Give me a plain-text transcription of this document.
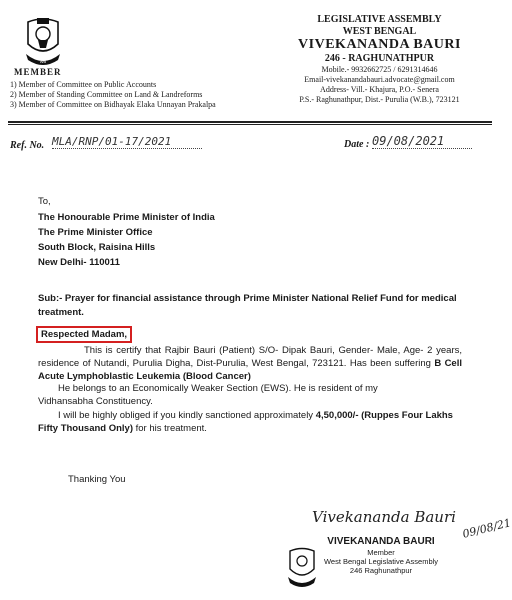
WB
MEMBER
1) Member of Committee on Public Accounts
2) Member of Standing Committee on Land & Landreforms
3) Member of Committee on Bidhayak Elaka Unnayan Prakalpa
LEGISLATIVE ASSEMBLY
WEST BENGAL
VIVEKANANDA BAURI
246 - RAGHUNATHPUR
Mobile.- 9932662725 / 6291314646
Email-vivekanandabauri.advocate@gmail.com
Address- Vill.- Khajura, P.O.- Senera
P.S.- Raghunathpur, Dist.- Purulia (W.B.), 723121
Ref. No. MLA/RNP/01-17/2021	Date : 09/08/2021
To,
The Honourable Prime Minister of India
The Prime Minister Office
South Block, Raisina Hills
New Delhi- 110011
Sub:- Prayer for financial assistance through Prime Minister National Relief Fund for medical treatment.
Respected Madam,
This is certify that Rajbir Bauri (Patient) S/O- Dipak Bauri, Gender- Male, Age- 2 years, residence of Nutandi, Purulia Digha, Dist-Purulia, West Bengal, 723121. Has been suffering B Cell Acute Lymphoblastic Leukemia (Blood Cancer)
He belongs to an Economically Weaker Section (EWS). He is resident of my
Vidhansabha Constituency.
I will be highly obliged if you kindly sanctioned approximately 4,50,000/- (Ruppes Four Lakhs Fifty Thousand Only) for his treatment.
Thanking You
Vivekananda Bauri 09/08/21
VIVEKANANDA BAURI
Member
West Bengal Legislative Assembly
246 Raghunathpur
